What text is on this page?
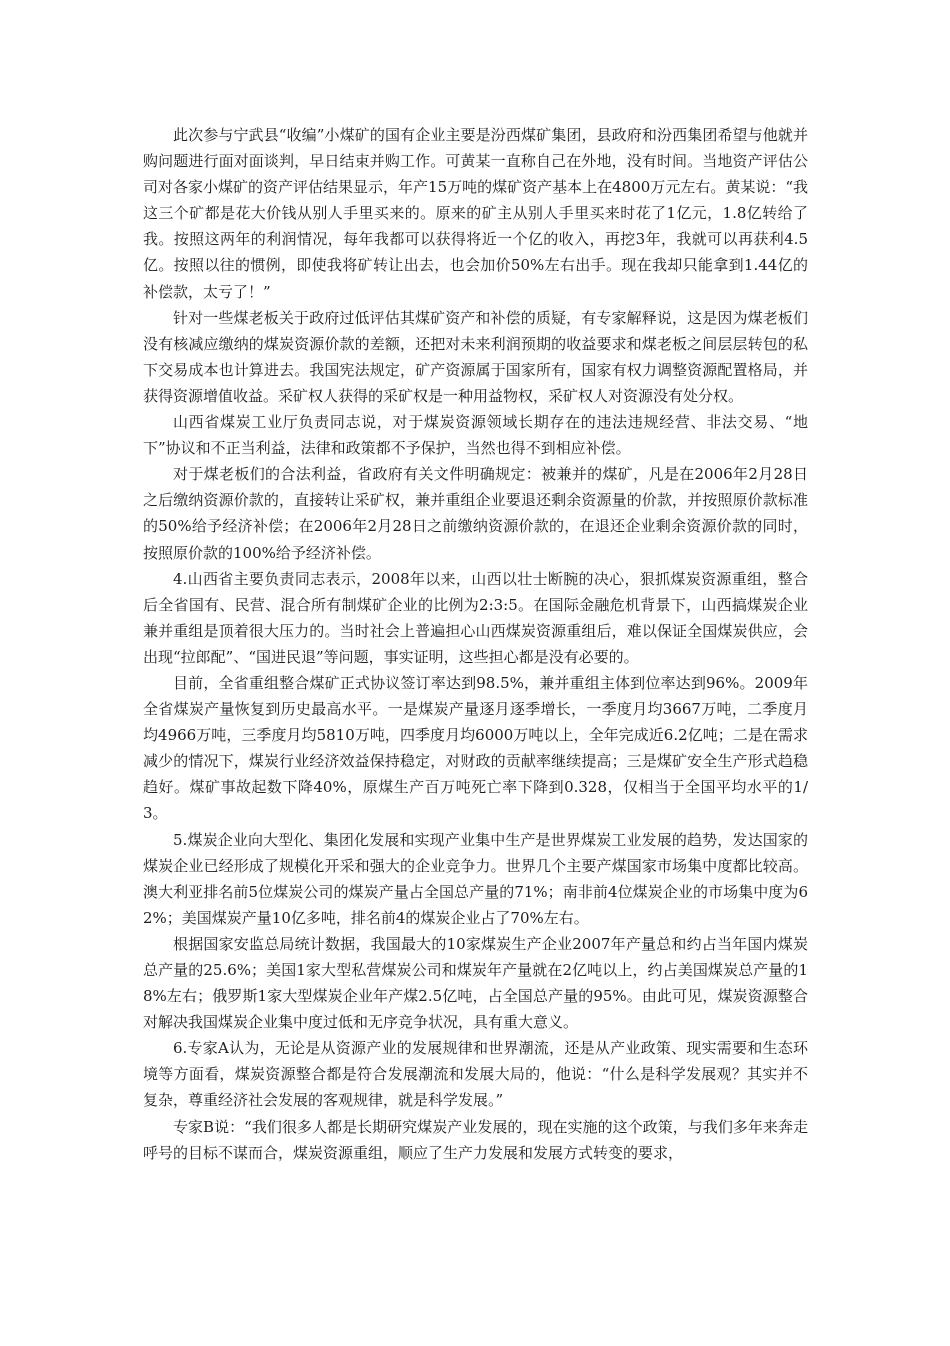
此次参与宁武县“收编”小煤矿的国有企业主要是汾西煤矿集团，县政府和汾西集团希望与他就并购问题进行面对面谈判，早日结束并购工作。可黄某一直称自己在外地，没有时间。当地资产评估公司对各家小煤矿的资产评估结果显示，年产15万吨的煤矿资产基本上在4800万元左右。黄某说：“我这三个矿都是花大价钱从别人手里买来的。原来的矿主从别人手里买来时花了1亿元，1.8亿转给了我。按照这两年的利润情况，每年我都可以获得将近一个亿的收入，再挖3年，我就可以再获利4.5亿。按照以往的惯例，即使我将矿转让出去，也会加价50%左右出手。现在我却只能拿到1.44亿的补偿款，太亏了！”

针对一些煤老板关于政府过低评估其煤矿资产和补偿的质疑，有专家解释说，这是因为煤老板们没有核减应缴纳的煤炭资源价款的差额，还把对未来利润预期的收益要求和煤老板之间层层转包的私下交易成本也计算进去。我国宪法规定，矿产资源属于国家所有，国家有权力调整资源配置格局，并获得资源增值收益。采矿权人获得的采矿权是一种用益物权，采矿权人对资源没有处分权。

山西省煤炭工业厅负责同志说，对于煤炭资源领域长期存在的违法违规经营、非法交易、“地下”协议和不正当利益，法律和政策都不予保护，当然也得不到相应补偿。

对于煤老板们的合法利益，省政府有关文件明确规定：被兼并的煤矿，凡是在2006年2月28日之后缴纳资源价款的，直接转让采矿权，兼并重组企业要退还剩余资源量的价款，并按照原价款标准的50%给予经济补偿；在2006年2月28日之前缴纳资源价款的，在退还企业剩余资源价款的同时，按照原价款的100%给予经济补偿。

4.山西省主要负责同志表示，2008年以来，山西以壮士断腕的决心，狠抓煤炭资源重组，整合后全省国有、民营、混合所有制煤矿企业的比例为2:3:5。在国际金融危机背景下，山西搞煤炭企业兼并重组是顶着很大压力的。当时社会上普遍担心山西煤炭资源重组后，难以保证全国煤炭供应，会出现“拉郎配”、“国进民退”等问题，事实证明，这些担心都是没有必要的。

目前，全省重组整合煤矿正式协议签订率达到98.5%，兼并重组主体到位率达到96%。2009年全省煤炭产量恢复到历史最高水平。一是煤炭产量逐月逐季增长，一季度月均3667万吨，二季度月均4966万吨，三季度月均5810万吨，四季度月均6000万吨以上，全年完成近6.2亿吨；二是在需求减少的情况下，煤炭行业经济效益保持稳定，对财政的贡献率继续提高；三是煤矿安全生产形式趋稳趋好。煤矿事故起数下降40%，原煤生产百万吨死亡率下降到0.328，仅相当于全国平均水平的1/3。

5.煤炭企业向大型化、集团化发展和实现产业集中生产是世界煤炭工业发展的趋势，发达国家的煤炭企业已经形成了规模化开采和强大的企业竞争力。世界几个主要产煤国家市场集中度都比较高。澳大利亚排名前5位煤炭公司的煤炭产量占全国总产量的71%；南非前4位煤炭企业的市场集中度为62%；美国煤炭产量10亿多吨，排名前4的煤炭企业占了70%左右。

根据国家安监总局统计数据，我国最大的10家煤炭生产企业2007年产量总和约占当年国内煤炭总产量的25.6%；美国1家大型私营煤炭公司和煤炭年产量就在2亿吨以上，约占美国煤炭总产量的18%左右；俄罗斯1家大型煤炭企业年产煤2.5亿吨，占全国总产量的95%。由此可见，煤炭资源整合对解决我国煤炭企业集中度过低和无序竞争状况，具有重大意义。

6.专家A认为，无论是从资源产业的发展规律和世界潮流，还是从产业政策、现实需要和生态环境等方面看，煤炭资源整合都是符合发展潮流和发展大局的，他说：“什么是科学发展观？其实并不复杂，尊重经济社会发展的客观规律，就是科学发展。”

专家B说：“我们很多人都是长期研究煤炭产业发展的，现在实施的这个政策，与我们多年来奔走呼号的目标不谋而合，煤炭资源重组，顺应了生产力发展和发展方式转变的要求，
